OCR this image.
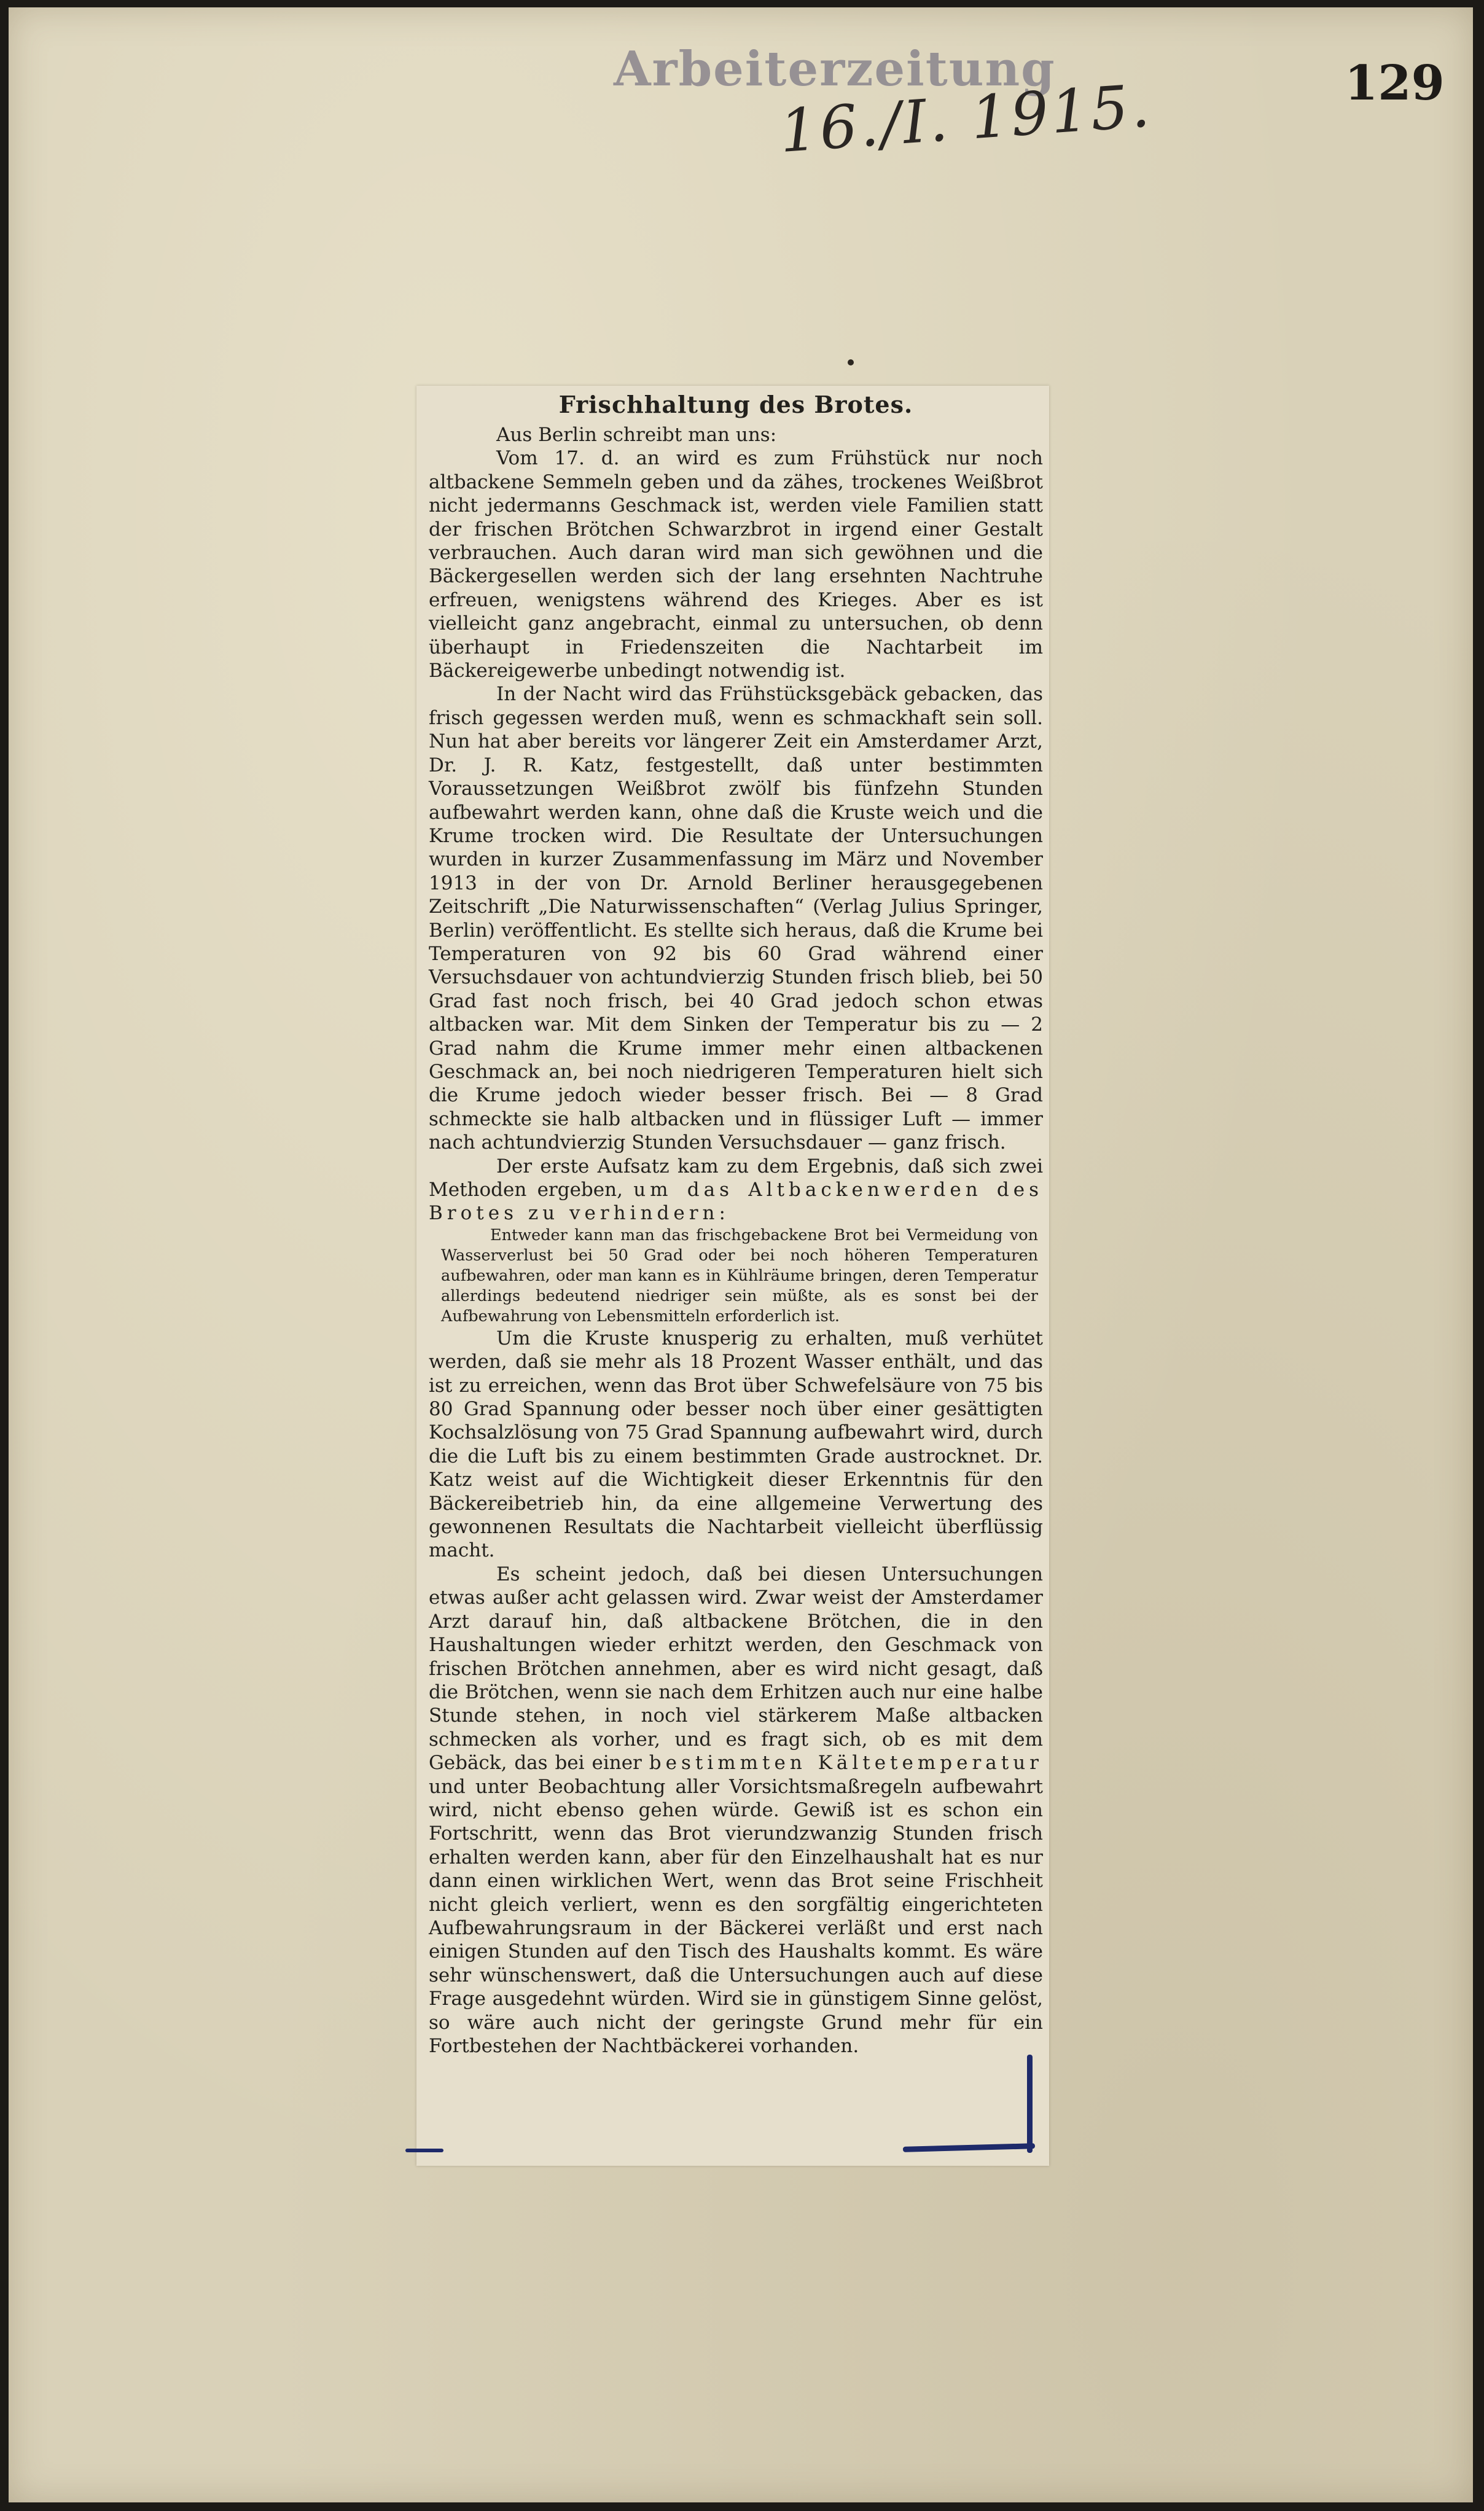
Arbeiterzeitung
16./I. 1915.	129
Frischhaltung des Brotes.

Aus Berlin schreibt man uns:

Vom 17. d. an wird es zum Frühstück nur noch altbackene Semmeln geben und da zähes, trockenes Weißbrot nicht jedermanns Geschmack ist, werden viele Familien statt der frischen Brötchen Schwarzbrot in irgend einer Gestalt verbrauchen. Auch daran wird man sich gewöhnen und die Bäckergesellen werden sich der lang ersehnten Nachtruhe erfreuen, wenigstens während des Krieges. Aber es ist vielleicht ganz angebracht, einmal zu untersuchen, ob denn überhaupt in Friedenszeiten die Nachtarbeit im Bäckereigewerbe unbedingt notwendig ist.

In der Nacht wird das Frühstücksgebäck gebacken, das frisch gegessen werden muß, wenn es schmackhaft sein soll. Nun hat aber bereits vor längerer Zeit ein Amsterdamer Arzt, Dr. J. R. Katz, festgestellt, daß unter bestimmten Voraussetzungen Weißbrot zwölf bis fünfzehn Stunden aufbewahrt werden kann, ohne daß die Kruste weich und die Krume trocken wird. Die Resultate der Untersuchungen wurden in kurzer Zusammenfassung im März und November 1913 in der von Dr. Arnold Berliner herausgegebenen Zeitschrift „Die Naturwissenschaften“ (Verlag Julius Springer, Berlin) veröffentlicht. Es stellte sich heraus, daß die Krume bei Temperaturen von 92 bis 60 Grad während einer Versuchsdauer von achtundvierzig Stunden frisch blieb, bei 50 Grad fast noch frisch, bei 40 Grad jedoch schon etwas altbacken war. Mit dem Sinken der Temperatur bis zu — 2 Grad nahm die Krume immer mehr einen altbackenen Geschmack an, bei noch niedrigeren Temperaturen hielt sich die Krume jedoch wieder besser frisch. Bei — 8 Grad schmeckte sie halb altbacken und in flüssiger Luft — immer nach achtundvierzig Stunden Versuchsdauer — ganz frisch.

Der erste Aufsatz kam zu dem Ergebnis, daß sich zwei Methoden ergeben, um das Altbackenwerden des Brotes zu verhindern:

Entweder kann man das frischgebackene Brot bei Vermeidung von Wasserverlust bei 50 Grad oder bei noch höheren Temperaturen aufbewahren, oder man kann es in Kühlräume bringen, deren Temperatur allerdings bedeutend niedriger sein müßte, als es sonst bei der Aufbewahrung von Lebensmitteln erforderlich ist.

Um die Kruste knusperig zu erhalten, muß verhütet werden, daß sie mehr als 18 Prozent Wasser enthält, und das ist zu erreichen, wenn das Brot über Schwefelsäure von 75 bis 80 Grad Spannung oder besser noch über einer gesättigten Kochsalzlösung von 75 Grad Spannung aufbewahrt wird, durch die die Luft bis zu einem bestimmten Grade austrocknet. Dr. Katz weist auf die Wichtigkeit dieser Erkenntnis für den Bäckereibetrieb hin, da eine allgemeine Verwertung des gewonnenen Resultats die Nachtarbeit vielleicht überflüssig macht.

Es scheint jedoch, daß bei diesen Untersuchungen etwas außer acht gelassen wird. Zwar weist der Amsterdamer Arzt darauf hin, daß altbackene Brötchen, die in den Haushaltungen wieder erhitzt werden, den Geschmack von frischen Brötchen annehmen, aber es wird nicht gesagt, daß die Brötchen, wenn sie nach dem Erhitzen auch nur eine halbe Stunde stehen, in noch viel stärkerem Maße altbacken schmecken als vorher, und es fragt sich, ob es mit dem Gebäck, das bei einer bestimmten Kältetemperatur und unter Beobachtung aller Vorsichtsmaßregeln aufbewahrt wird, nicht ebenso gehen würde. Gewiß ist es schon ein Fortschritt, wenn das Brot vierundzwanzig Stunden frisch erhalten werden kann, aber für den Einzelhaushalt hat es nur dann einen wirklichen Wert, wenn das Brot seine Frischheit nicht gleich verliert, wenn es den sorgfältig eingerichteten Aufbewahrungsraum in der Bäckerei verläßt und erst nach einigen Stunden auf den Tisch des Haushalts kommt. Es wäre sehr wünschenswert, daß die Untersuchungen auch auf diese Frage ausgedehnt würden. Wird sie in günstigem Sinne gelöst, so wäre auch nicht der geringste Grund mehr für ein Fortbestehen der Nachtbäckerei vorhanden.
